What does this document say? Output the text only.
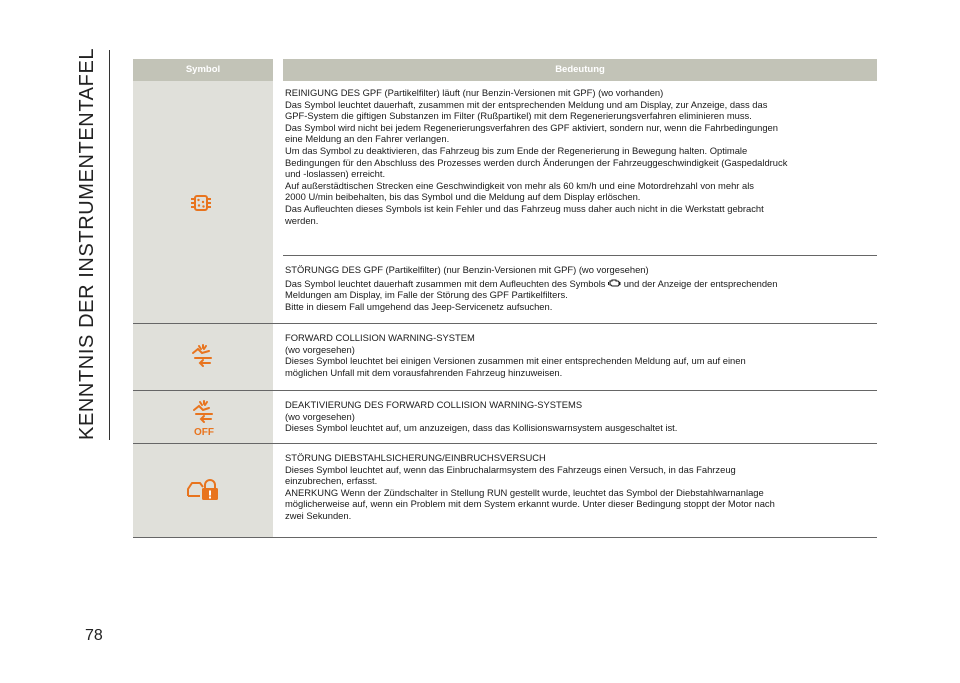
KENNTNIS DER INSTRUMENTENTAFEL
78
Symbol	Bedeutung

REINIGUNG DES GPF (Partikelfilter) läuft (nur Benzin-Versionen mit GPF) (wo vorhanden)

Das Symbol leuchtet dauerhaft, zusammen mit der entsprechenden Meldung und am Display, zur Anzeige, dass das

GPF-System die giftigen Substanzen im Filter (Rußpartikel) mit dem Regenerierungsverfahren eliminieren muss.

Das Symbol wird nicht bei jedem Regenerierungsverfahren des GPF aktiviert, sondern nur, wenn die Fahrbedingungen

eine Meldung an den Fahrer verlangen.

Um das Symbol zu deaktivieren, das Fahrzeug bis zum Ende der Regenerierung in Bewegung halten. Optimale

Bedingungen für den Abschluss des Prozesses werden durch Änderungen der Fahrzeuggeschwindigkeit (Gaspedaldruck

und -loslassen) erreicht.

Auf außerstädtischen Strecken eine Geschwindigkeit von mehr als 60 km/h und eine Motordrehzahl von mehr als

2000 U/min beibehalten, bis das Symbol und die Meldung auf dem Display erlöschen.

Das Aufleuchten dieses Symbols ist kein Fehler und das Fahrzeug muss daher auch nicht in die Werkstatt gebracht

werden.

STÖRUNGG DES GPF (Partikelfilter) (nur Benzin-Versionen mit GPF) (wo vorgesehen)

Das Symbol leuchtet dauerhaft zusammen mit dem Aufleuchten des Symbols und der Anzeige der entsprechenden

Meldungen am Display, im Falle der Störung des GPF Partikelfilters.

Bitte in diesem Fall umgehend das Jeep-Servicenetz aufsuchen.

FORWARD COLLISION WARNING-SYSTEM

(wo vorgesehen)

Dieses Symbol leuchtet bei einigen Versionen zusammen mit einer entsprechenden Meldung auf, um auf einen

möglichen Unfall mit dem vorausfahrenden Fahrzeug hinzuweisen.

OFF

DEAKTIVIERUNG DES FORWARD COLLISION WARNING-SYSTEMS

(wo vorgesehen)

Dieses Symbol leuchtet auf, um anzuzeigen, dass das Kollisionswarnsystem ausgeschaltet ist.

STÖRUNG DIEBSTAHLSICHERUNG/EINBRUCHSVERSUCH

Dieses Symbol leuchtet auf, wenn das Einbruchalarmsystem des Fahrzeugs einen Versuch, in das Fahrzeug

einzubrechen, erfasst.

ANERKUNG Wenn der Zündschalter in Stellung RUN gestellt wurde, leuchtet das Symbol der Diebstahlwarnanlage

möglicherweise auf, wenn ein Problem mit dem System erkannt wurde. Unter dieser Bedingung stoppt der Motor nach

zwei Sekunden.
